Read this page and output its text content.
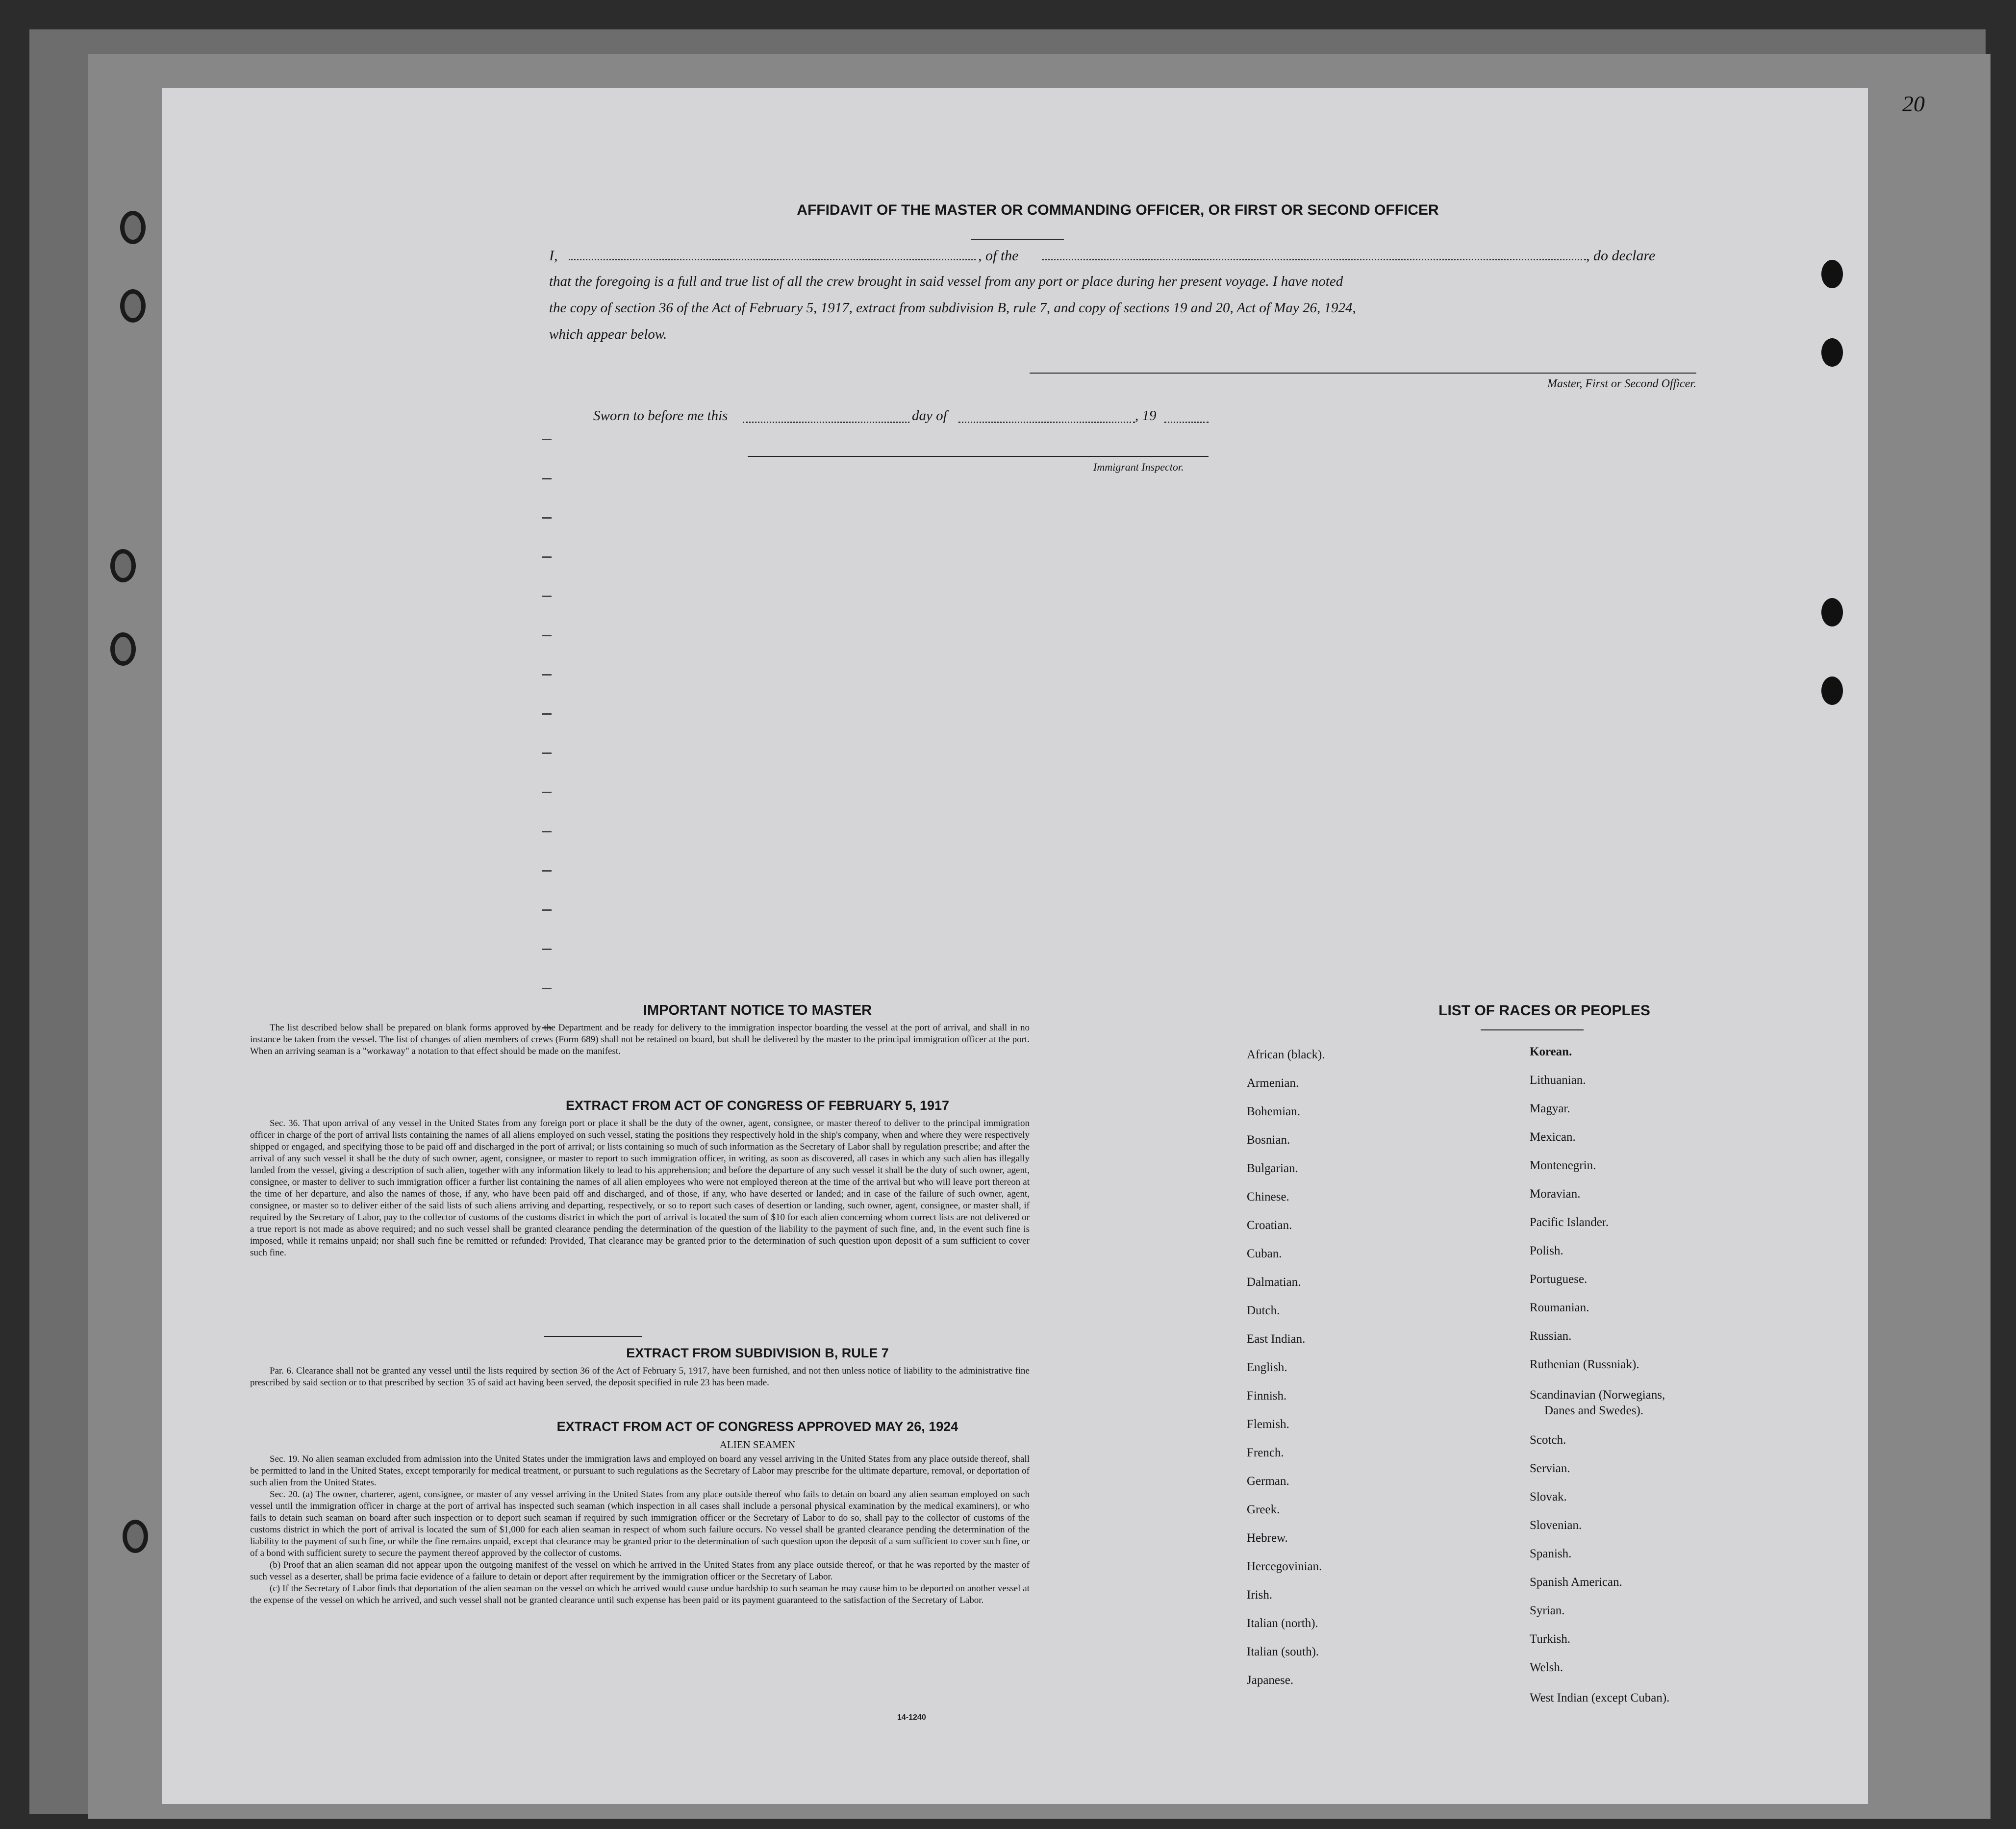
20
AFFIDAVIT OF THE MASTER OR COMMANDING OFFICER, OR FIRST OR SECOND OFFICER
I,	, of the	, do declare
that the foregoing is a full and true list of all the crew brought in said vessel from any port or place during her present voyage. I have noted
the copy of section 36 of the Act of February 5, 1917, extract from subdivision B, rule 7, and copy of sections 19 and 20, Act of May 26, 1924,
which appear below.
Master, First or Second Officer.
Sworn to before me this	day of	, 19
Immigrant Inspector.
IMPORTANT NOTICE TO MASTER
The list described below shall be prepared on blank forms approved by the Department and be ready for delivery to the immigration inspector boarding the vessel at the port of arrival, and shall in no instance be taken from the vessel. The list of changes of alien members of crews (Form 689) shall not be retained on board, but shall be delivered by the master to the principal immigration officer at the port. When an arriving seaman is a "workaway" a notation to that effect should be made on the manifest.
EXTRACT FROM ACT OF CONGRESS OF FEBRUARY 5, 1917
Sec. 36. That upon arrival of any vessel in the United States from any foreign port or place it shall be the duty of the owner, agent, consignee, or master thereof to deliver to the principal immigration officer in charge of the port of arrival lists containing the names of all aliens employed on such vessel, stating the positions they respectively hold in the ship's company, when and where they were respectively shipped or engaged, and specifying those to be paid off and discharged in the port of arrival; or lists containing so much of such information as the Secretary of Labor shall by regulation prescribe; and after the arrival of any such vessel it shall be the duty of such owner, agent, consignee, or master to report to such immigration officer, in writing, as soon as discovered, all cases in which any such alien has illegally landed from the vessel, giving a description of such alien, together with any information likely to lead to his apprehension; and before the departure of any such vessel it shall be the duty of such owner, agent, consignee, or master to deliver to such immigration officer a further list containing the names of all alien employees who were not employed thereon at the time of the arrival but who will leave port thereon at the time of her departure, and also the names of those, if any, who have been paid off and discharged, and of those, if any, who have deserted or landed; and in case of the failure of such owner, agent, consignee, or master so to deliver either of the said lists of such aliens arriving and departing, respectively, or so to report such cases of desertion or landing, such owner, agent, consignee, or master shall, if required by the Secretary of Labor, pay to the collector of customs of the customs district in which the port of arrival is located the sum of $10 for each alien concerning whom correct lists are not delivered or a true report is not made as above required; and no such vessel shall be granted clearance pending the determination of the question of the liability to the payment of such fine, and, in the event such fine is imposed, while it remains unpaid; nor shall such fine be remitted or refunded: Provided, That clearance may be granted prior to the determination of such question upon deposit of a sum sufficient to cover such fine.
EXTRACT FROM SUBDIVISION B, RULE 7
Par. 6. Clearance shall not be granted any vessel until the lists required by section 36 of the Act of February 5, 1917, have been furnished, and not then unless notice of liability to the administrative fine prescribed by said section or to that prescribed by section 35 of said act having been served, the deposit specified in rule 23 has been made.
EXTRACT FROM ACT OF CONGRESS APPROVED MAY 26, 1924
ALIEN SEAMEN
Sec. 19. No alien seaman excluded from admission into the United States under the immigration laws and employed on board any vessel arriving in the United States from any place outside thereof, shall be permitted to land in the United States, except temporarily for medical treatment, or pursuant to such regulations as the Secretary of Labor may prescribe for the ultimate departure, removal, or deportation of such alien from the United States.
Sec. 20. (a) The owner, charterer, agent, consignee, or master of any vessel arriving in the United States from any place outside thereof who fails to detain on board any alien seaman employed on such vessel until the immigration officer in charge at the port of arrival has inspected such seaman (which inspection in all cases shall include a personal physical examination by the medical examiners), or who fails to detain such seaman on board after such inspection or to deport such seaman if required by such immigration officer or the Secretary of Labor to do so, shall pay to the collector of customs of the customs district in which the port of arrival is located the sum of $1,000 for each alien seaman in respect of whom such failure occurs. No vessel shall be granted clearance pending the determination of the liability to the payment of such fine, or while the fine remains unpaid, except that clearance may be granted prior to the determination of such question upon the deposit of a sum sufficient to cover such fine, or of a bond with sufficient surety to secure the payment thereof approved by the collector of customs.
(b) Proof that an alien seaman did not appear upon the outgoing manifest of the vessel on which he arrived in the United States from any place outside thereof, or that he was reported by the master of such vessel as a deserter, shall be prima facie evidence of a failure to detain or deport after requirement by the immigration officer or the Secretary of Labor.
(c) If the Secretary of Labor finds that deportation of the alien seaman on the vessel on which he arrived would cause undue hardship to such seaman he may cause him to be deported on another vessel at the expense of the vessel on which he arrived, and such vessel shall not be granted clearance until such expense has been paid or its payment guaranteed to the satisfaction of the Secretary of Labor.
14-1240
LIST OF RACES OR PEOPLES
African (black).
Armenian.
Bohemian.
Bosnian.
Bulgarian.
Chinese.
Croatian.
Cuban.
Dalmatian.
Dutch.
East Indian.
English.
Finnish.
Flemish.
French.
German.
Greek.
Hebrew.
Hercegovinian.
Irish.
Italian (north).
Italian (south).
Japanese.
Korean.
Lithuanian.
Magyar.
Mexican.
Montenegrin.
Moravian.
Pacific Islander.
Polish.
Portuguese.
Roumanian.
Russian.
Ruthenian (Russniak).
Scandinavian (Norwegians,
Danes and Swedes).
Scotch.
Servian.
Slovak.
Slovenian.
Spanish.
Spanish American.
Syrian.
Turkish.
Welsh.
West Indian (except Cuban).
